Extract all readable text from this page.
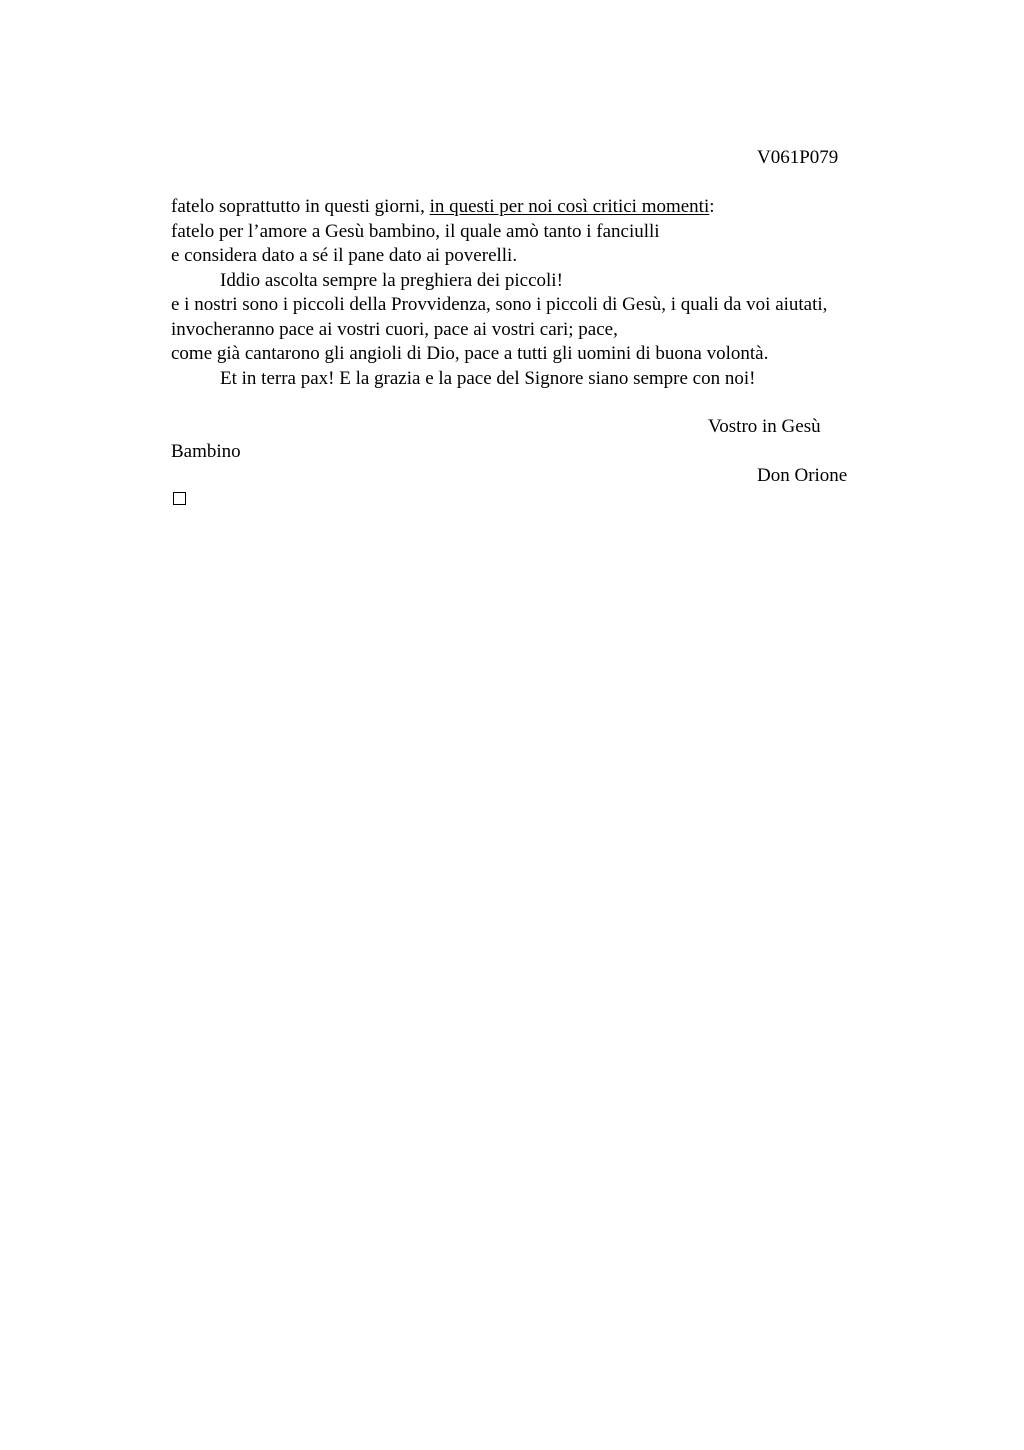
V061P079
fatelo soprattutto in questi giorni, in questi per noi così critici momenti:
fatelo per l’amore a Gesù bambino, il quale amò tanto i fanciulli
e considera dato a sé il pane dato ai poverelli.
Iddio ascolta sempre la preghiera dei piccoli!
e i nostri sono i piccoli della Provvidenza, sono i piccoli di Gesù, i quali da voi aiutati,
invocheranno pace ai vostri cuori, pace ai vostri cari; pace,
come già cantarono gli angioli di Dio, pace a tutti gli uomini di buona volontà.
Et in terra pax! E la grazia e la pace del Signore siano sempre con noi!
Vostro in Gesù
Bambino
Don Orione
